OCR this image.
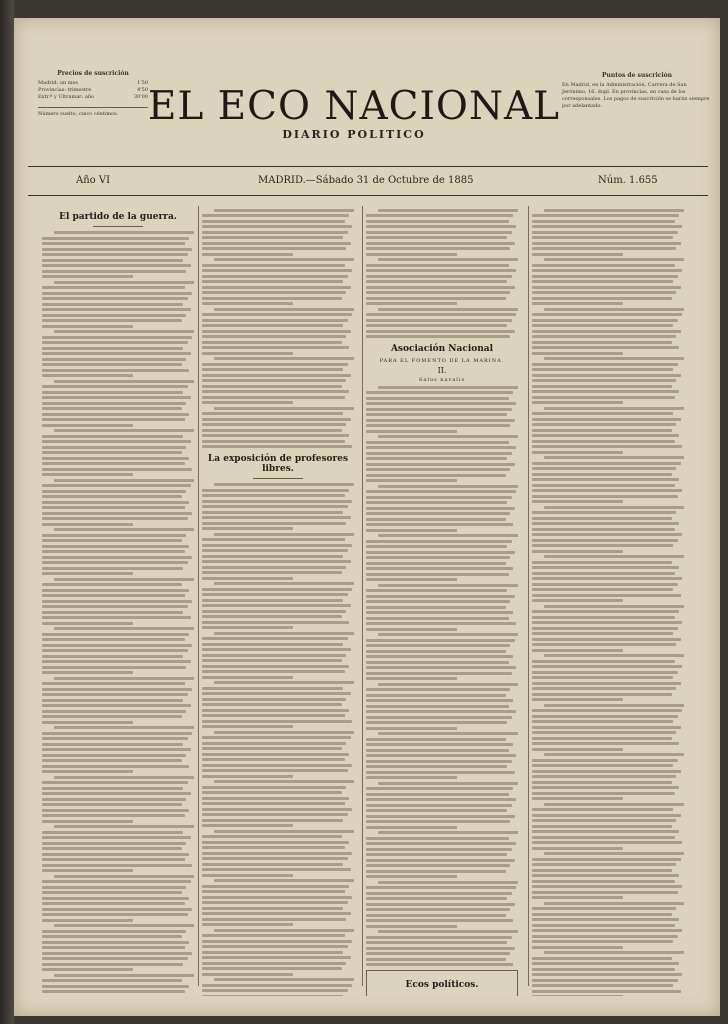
Precios de suscrición
Madrid: un mes	1'50
Provincias: trimestre	4'50
Extr.º y Ultramar: año	30'00
Número suelto, cinco céntimos. EL ECO NACIONAL
DIARIO POLITICO
Puntos de suscrición
En Madrid, en la Administración, Carrera de San Jerónimo, 16, dupl. En provincias, en casa de los corresponsales. Los pagos de suscrición se harán siempre por adelantado.
Año VI	MADRID.—Sábado 31 de Octubre de 1885	Núm. 1.655
El partido de la guerra.
La exposición de profesores libres.
Asociación Nacional
PARA EL FOMENTO DE LA MARINA.
II.
Salus navalis
Ecos políticos.
